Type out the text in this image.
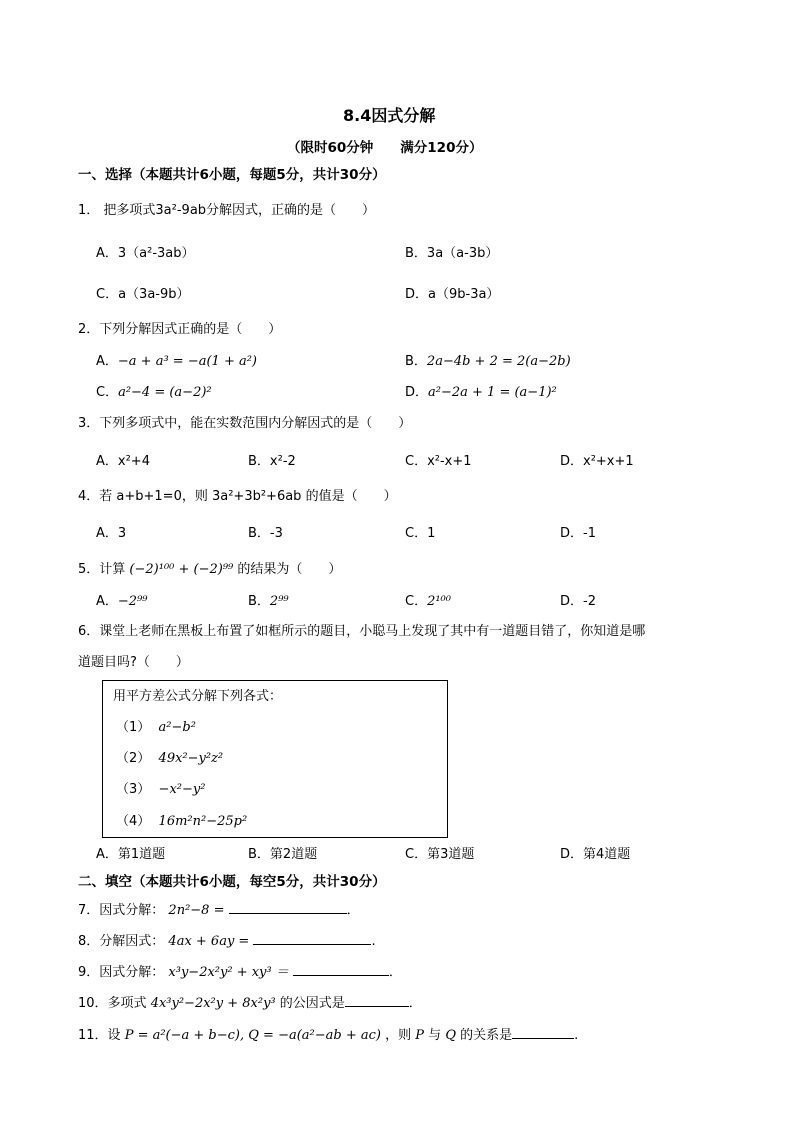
8.4因式分解
（限时60分钟　　满分120分）
一、选择（本题共计6小题，每题5分，共计30分）
1． 把多项式3a²-9ab分解因式，正确的是（　　）
A．3（a²-3ab）	B．3a（a-3b）
C．a（3a-9b）	D．a（9b-3a）
2．下列分解因式正确的是（　　）
A．−a + a³ = −a(1 + a²)	B．2a−4b + 2 = 2(a−2b)
C．a²−4 = (a−2)²	D．a²−2a + 1 = (a−1)²
3．下列多项式中，能在实数范围内分解因式的是（　　）
A．x²+4	B．x²-2	C．x²-x+1	D．x²+x+1
4．若 a+b+1=0，则 3a²+3b²+6ab 的值是（　　）
A．3	B．-3	C．1	D．-1
5．计算 (−2)¹⁰⁰ + (−2)⁹⁹ 的结果为（　　）
A．−2⁹⁹	B．2⁹⁹	C．2¹⁰⁰	D．-2
6．课堂上老师在黑板上布置了如框所示的题目，小聪马上发现了其中有一道题目错了，你知道是哪
道题目吗?（　　）
用平方差公式分解下列各式：
（1） a²−b²
（2） 49x²−y²z²
（3） −x²−y²
（4） 16m²n²−25p²
A．第1道题	B．第2道题	C．第3道题	D．第4道题
二、填空（本题共计6小题，每空5分，共计30分）
7．因式分解： 2n²−8 =	．
8．分解因式： 4ax + 6ay =	.
9．因式分解： x³y−2x²y² + xy³ ＝	．
10．多项式 4x³y²−2x²y + 8x²y³ 的公因式是	．
11．设 P = a²(−a + b−c), Q = −a(a²−ab + ac) ，则 P 与 Q 的关系是	.
